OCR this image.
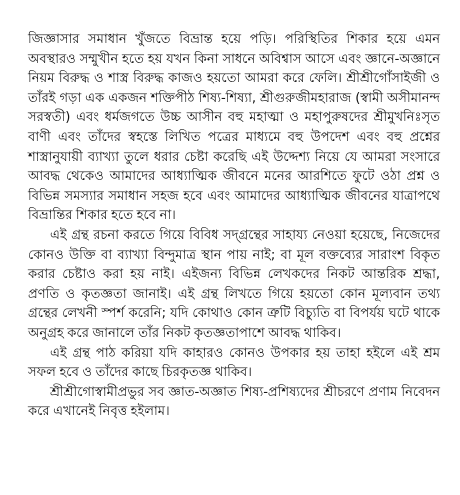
জিজ্ঞাসার সমাধান খুঁজতে বিভ্রান্ত হয়ে পড়ি। পরিস্থিতির শিকার হয়ে এমন অবস্থারও সম্মুখীন হতে হয় যখন কিনা সাধনে অবিশ্বাস আসে এবং জ্ঞানে-অজ্ঞানে নিয়ম বিরুদ্ধ ও শাস্ত্র বিরুদ্ধ কাজও হয়তো আমরা করে ফেলি। শ্রীশ্রীগোঁসাইজী ও তাঁরই গড়া এক একজন শক্তিপীঠ শিষ্য-শিষ্যা, শ্রীগুরুজীমহারাজ (স্বামী অসীমানন্দ সরস্বতী) এবং ধর্মজগতে উচ্চ আসীন বহু মহাত্মা ও মহাপুরুষদের শ্রীমুখনিঃসৃত বাণী এবং তাঁদের স্বহস্তে লিখিত পত্রের মাধ্যমে বহু উপদেশ এবং বহু প্রশ্নের শাস্ত্রানুযায়ী ব্যাখ্যা তুলে ধরার চেষ্টা করেছি এই উদ্দেশ্য নিয়ে যে আমরা সংসারে আবদ্ধ থেকেও আমাদের আধ্যাত্মিক জীবনে মনের আরশিতে ফুটে ওঠা প্রশ্ন ও বিভিন্ন সমস্যার সমাধান সহজ হবে এবং আমাদের আধ্যাত্মিক জীবনের যাত্রাপথে বিভ্রান্তির শিকার হতে হবে না।

এই গ্রন্থ রচনা করতে গিয়ে বিবিধ সদ্গ্রন্থের সাহায্য নেওয়া হয়েছে, নিজেদের কোনও উক্তি বা ব্যাখ্যা বিন্দুমাত্র স্থান পায় নাই; বা মূল বক্তব্যের সারাংশ বিকৃত করার চেষ্টাও করা হয় নাই। এইজন্য বিভিন্ন লেখকদের নিকট আন্তরিক শ্রদ্ধা, প্রণতি ও কৃতজ্ঞতা জানাই। এই গ্রন্থ লিখতে গিয়ে হয়তো কোন মূল্যবান তথ্য গ্রন্থের লেখনী স্পর্শ করেনি; যদি কোথাও কোন ত্রুটি বিচ্যুতি বা বিপর্যয় ঘটে থাকে অনুগ্রহ করে জানালে তাঁর নিকট কৃতজ্ঞতাপাশে আবদ্ধ থাকিব।

এই গ্রন্থ পাঠ করিয়া যদি কাহারও কোনও উপকার হয় তাহা হইলে এই শ্রম সফল হবে ও তাঁদের কাছে চিরকৃতজ্ঞ থাকিব।

শ্রীশ্রীগোস্বামীপ্রভুর সব জ্ঞাত-অজ্ঞাত শিষ্য-প্রশিষ্যদের শ্রীচরণে প্রণাম নিবেদন করে এখানেই নিবৃত্ত হইলাম।
